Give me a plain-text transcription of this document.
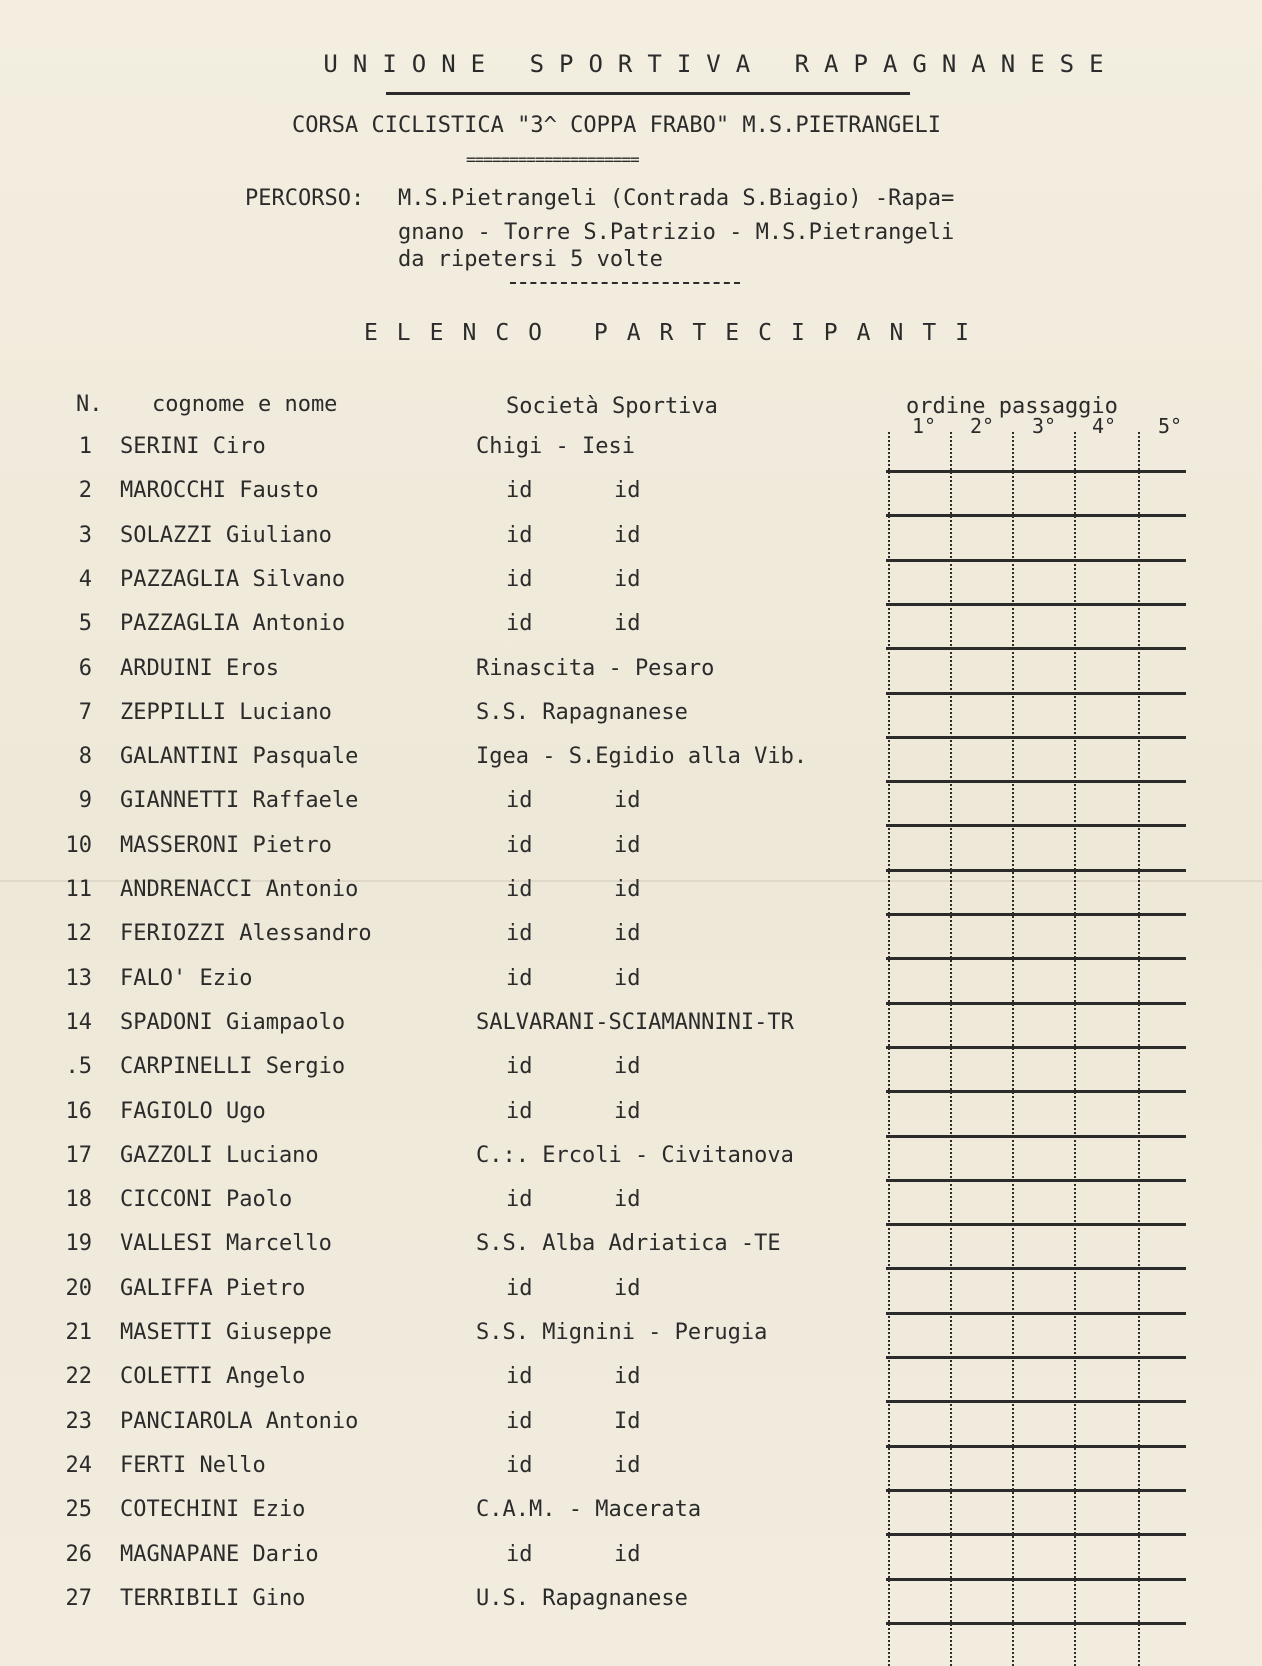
UNIONE SPORTIVA RAPAGNANESE
CORSA CICLISTICA "3^ COPPA FRABO" M.S.PIETRANGELI
====================
PERCORSO: M.S.Pietrangeli (Contrada S.Biagio) -Rapa=
gnano - Torre S.Patrizio - M.S.Pietrangeli
da ripetersi 5 volte
ELENCO PARTECIPANTI
N. cognome e nome	Società Sportiva	ordine passaggio
1° 2° 3° 4° 5°
1 SERINI Ciro	Chigi - Iesi
2 MAROCCHI Fausto	id	id
3 SOLAZZI Giuliano	id	id
4 PAZZAGLIA Silvano	id	id
5 PAZZAGLIA Antonio	id	id
6 ARDUINI Eros	Rinascita - Pesaro
7 ZEPPILLI Luciano	S.S. Rapagnanese
8 GALANTINI Pasquale	Igea - S.Egidio alla Vib.
9 GIANNETTI Raffaele	id	id
10 MASSERONI Pietro	id	id
11 ANDRENACCI Antonio	id	id
12 FERIOZZI Alessandro	id	id
13 FALO' Ezio	id	id
14 SPADONI Giampaolo	SALVARANI-SCIAMANNINI-TR
.5 CARPINELLI Sergio	id	id
16 FAGIOLO Ugo	id	id
17 GAZZOLI Luciano	C.:. Ercoli - Civitanova
18 CICCONI Paolo	id	id
19 VALLESI Marcello	S.S. Alba Adriatica -TE
20 GALIFFA Pietro	id	id
21 MASETTI Giuseppe	S.S. Mignini - Perugia
22 COLETTI Angelo	id	id
23 PANCIAROLA Antonio	id	Id
24 FERTI Nello	id	id
25 COTECHINI Ezio	C.A.M. - Macerata
26 MAGNAPANE Dario	id	id
27 TERRIBILI Gino	U.S. Rapagnanese
